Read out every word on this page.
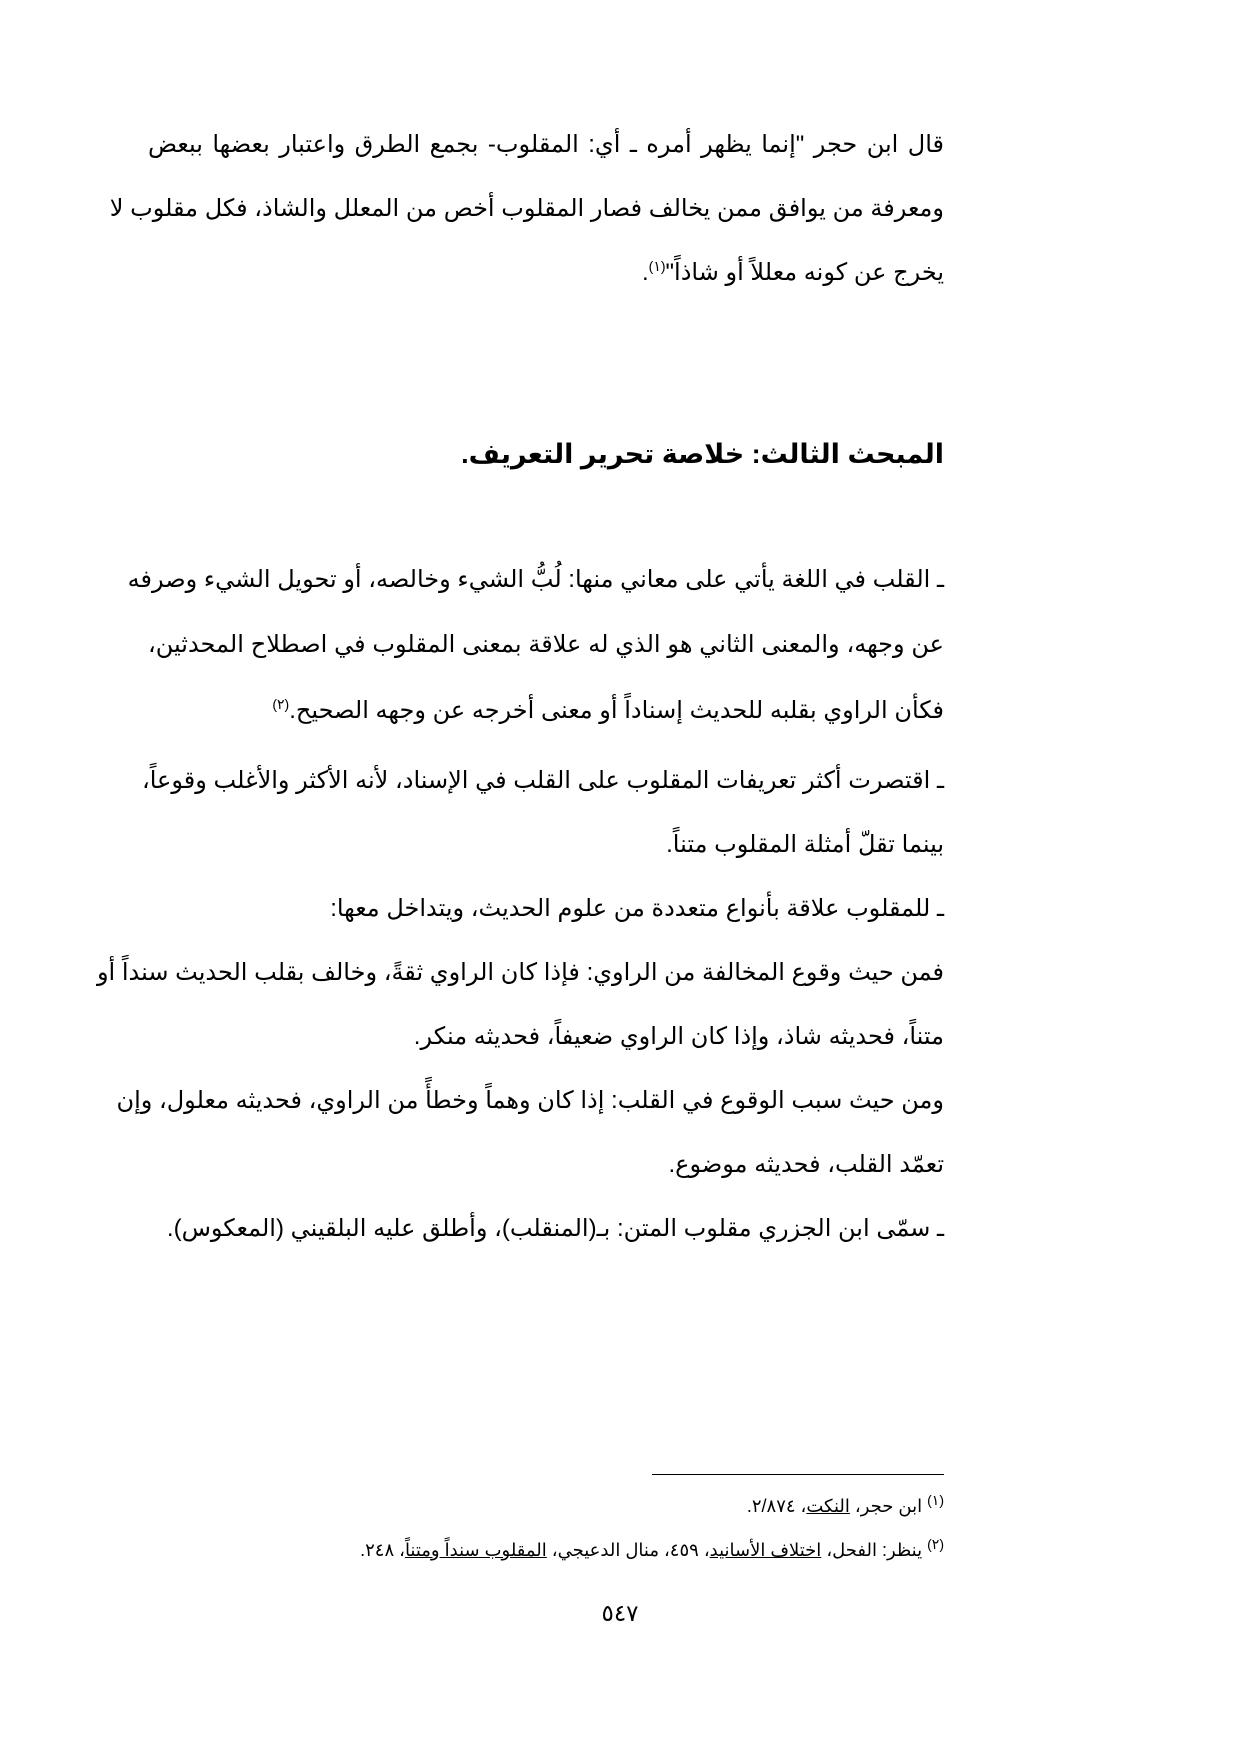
قال ابن حجر "إنما يظهر أمره ـ أي: المقلوب- بجمع الطرق واعتبار بعضها ببعض
ومعرفة من يوافق ممن يخالف فصار المقلوب أخص من المعلل والشاذ، فكل مقلوب لا
يخرج عن كونه معللاً أو شاذاً"$^{(١)}$.
المبحث الثالث: خلاصة تحرير التعريف.
ـ القلب في اللغة يأتي على معاني منها: لُبُّ الشيء وخالصه، أو تحويل الشيء وصرفه
عن وجهه، والمعنى الثاني هو الذي له علاقة بمعنى المقلوب في اصطلاح المحدثين،
فكأن الراوي بقلبه للحديث إسناداً أو معنى أخرجه عن وجهه الصحيح.$^{(٢)}$
ـ اقتصرت أكثر تعريفات المقلوب على القلب في الإسناد، لأنه الأكثر والأغلب وقوعاً،
بينما تقلّ أمثلة المقلوب متناً.
ـ للمقلوب علاقة بأنواع متعددة من علوم الحديث، ويتداخل معها:
فمن حيث وقوع المخالفة من الراوي: فإذا كان الراوي ثقةً، وخالف بقلب الحديث سنداً أو
متناً، فحديثه شاذ، وإذا كان الراوي ضعيفاً، فحديثه منكر.
ومن حيث سبب الوقوع في القلب: إذا كان وهماً وخطأً من الراوي، فحديثه معلول، وإن
تعمّد القلب، فحديثه موضوع.
ـ سمّى ابن الجزري مقلوب المتن: بـ(المنقلب)، وأطلق عليه البلقيني (المعكوس).
$^{(١)}$ ابن حجر، النكت، ٢/٨٧٤.
$^{(٢)}$ ينظر: الفحل، اختلاف الأسانيد، ٤٥٩، منال الدعيجي، المقلوب سنداً ومتناً، ٢٤٨.
٥٤٧
